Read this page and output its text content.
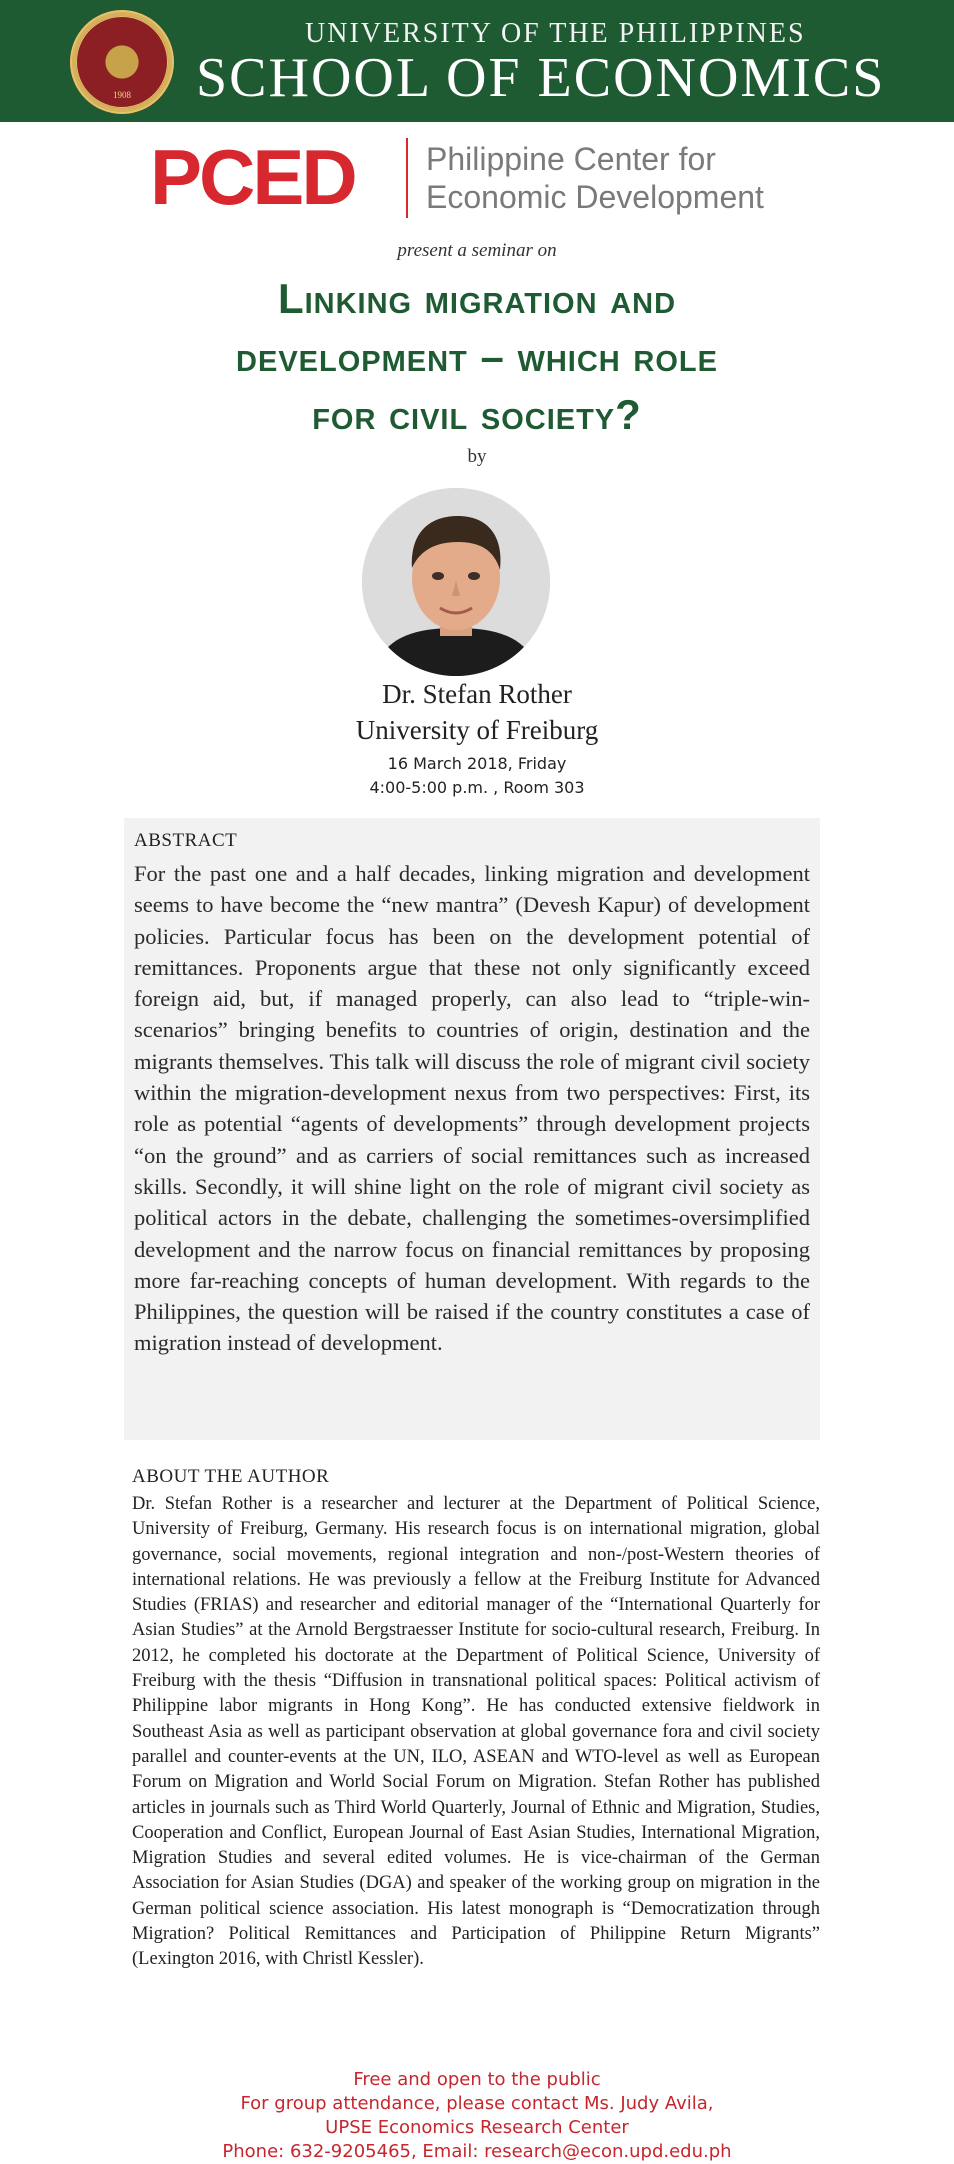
1908
UNIVERSITY OF THE PHILIPPINES
SCHOOL OF ECONOMICS
PCED Philippine Center for
Economic Development
present a seminar on
Linking migration and
development – which role
for civil society?
by
Dr. Stefan Rother
University of Freiburg
16 March 2018, Friday
4:00-5:00 p.m. , Room 303
ABSTRACT
For the past one and a half decades, linking migration and development seems to have become the “new mantra” (Devesh Kapur) of development policies. Particular focus has been on the development potential of remittances. Proponents argue that these not only significantly exceed foreign aid, but, if managed properly, can also lead to “triple-win-scenarios” bringing benefits to countries of origin, destination and the migrants themselves. This talk will discuss the role of migrant civil society within the migration-development nexus from two perspectives: First, its role as potential “agents of developments” through development projects “on the ground” and as carriers of social remittances such as increased skills. Secondly, it will shine light on the role of migrant civil society as political actors in the debate, challenging the sometimes-oversimplified development and the narrow focus on financial remittances by proposing more far-reaching concepts of human development. With regards to the Philippines, the question will be raised if the country constitutes a case of migration instead of development.
ABOUT THE AUTHOR
Dr. Stefan Rother is a researcher and lecturer at the Department of Political Science, University of Freiburg, Germany. His research focus is on international migration, global governance, social movements, regional integration and non-/post-Western theories of international relations. He was previously a fellow at the Freiburg Institute for Advanced Studies (FRIAS) and researcher and editorial manager of the “International Quarterly for Asian Studies” at the Arnold Bergstraesser Institute for socio-cultural research, Freiburg. In 2012, he completed his doctorate at the Department of Political Science, University of Freiburg with the thesis “Diffusion in transnational political spaces: Political activism of Philippine labor migrants in Hong Kong”. He has conducted extensive fieldwork in Southeast Asia as well as participant observation at global governance fora and civil society parallel and counter-events at the UN, ILO, ASEAN and WTO-level as well as European Forum on Migration and World Social Forum on Migration. Stefan Rother has published articles in journals such as Third World Quarterly, Journal of Ethnic and Migration, Studies, Cooperation and Conflict, European Journal of East Asian Studies, International Migration, Migration Studies and several edited volumes. He is vice-chairman of the German Association for Asian Studies (DGA) and speaker of the working group on migration in the German political science association. His latest monograph is “Democratization through Migration? Political Remittances and Participation of Philippine Return Migrants” (Lexington 2016, with Christl Kessler).
Free and open to the public
For group attendance, please contact Ms. Judy Avila,
UPSE Economics Research Center
Phone: 632-9205465, Email: research@econ.upd.edu.ph
